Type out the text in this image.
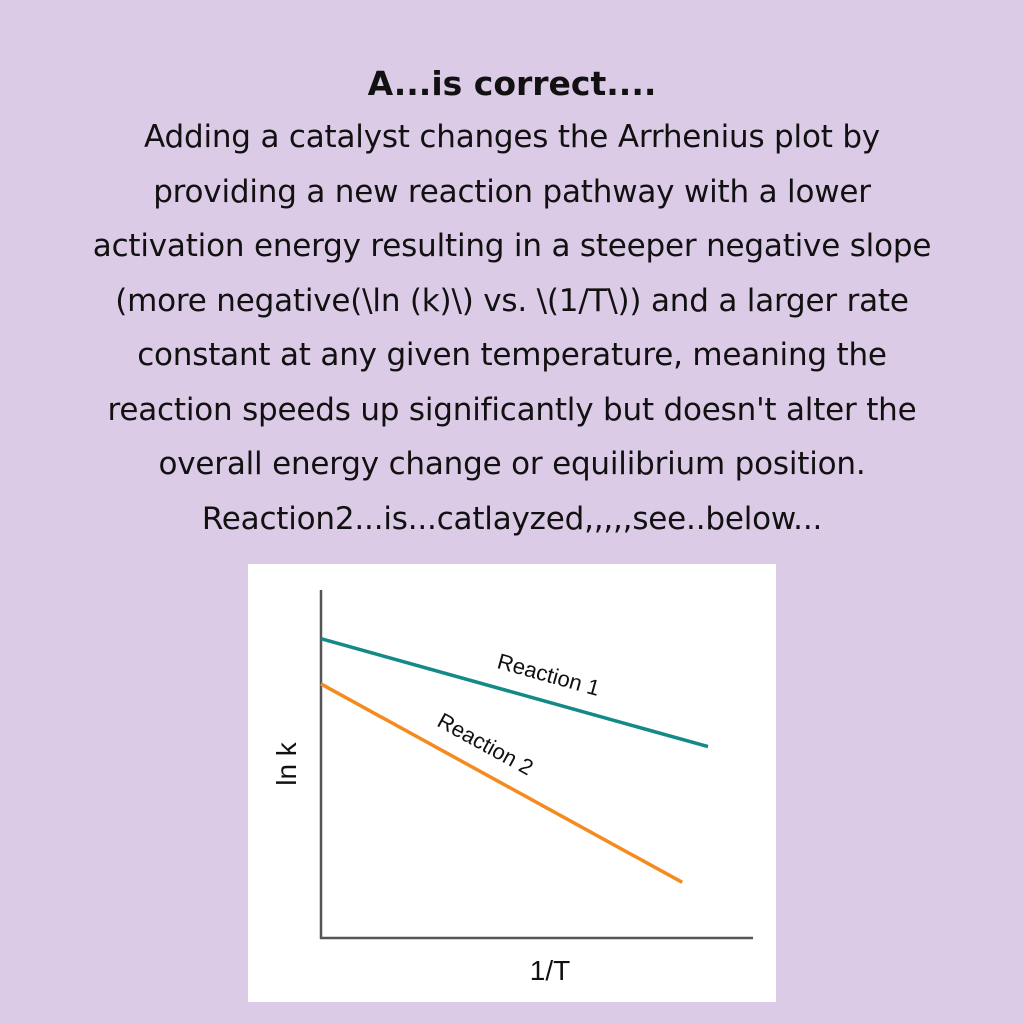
A...is correct....
Adding a catalyst changes the Arrhenius plot by
providing a new reaction pathway with a lower
activation energy resulting in a steeper negative slope
(more negative(\ln (k)\) vs. \(1/T\)) and a larger rate
constant at any given temperature, meaning the
reaction speeds up significantly but doesn't alter the
overall energy change or equilibrium position.
Reaction2...is...catlayzed,,,,,see..below...
Reaction 1
Reaction 2
1/T
ln k
